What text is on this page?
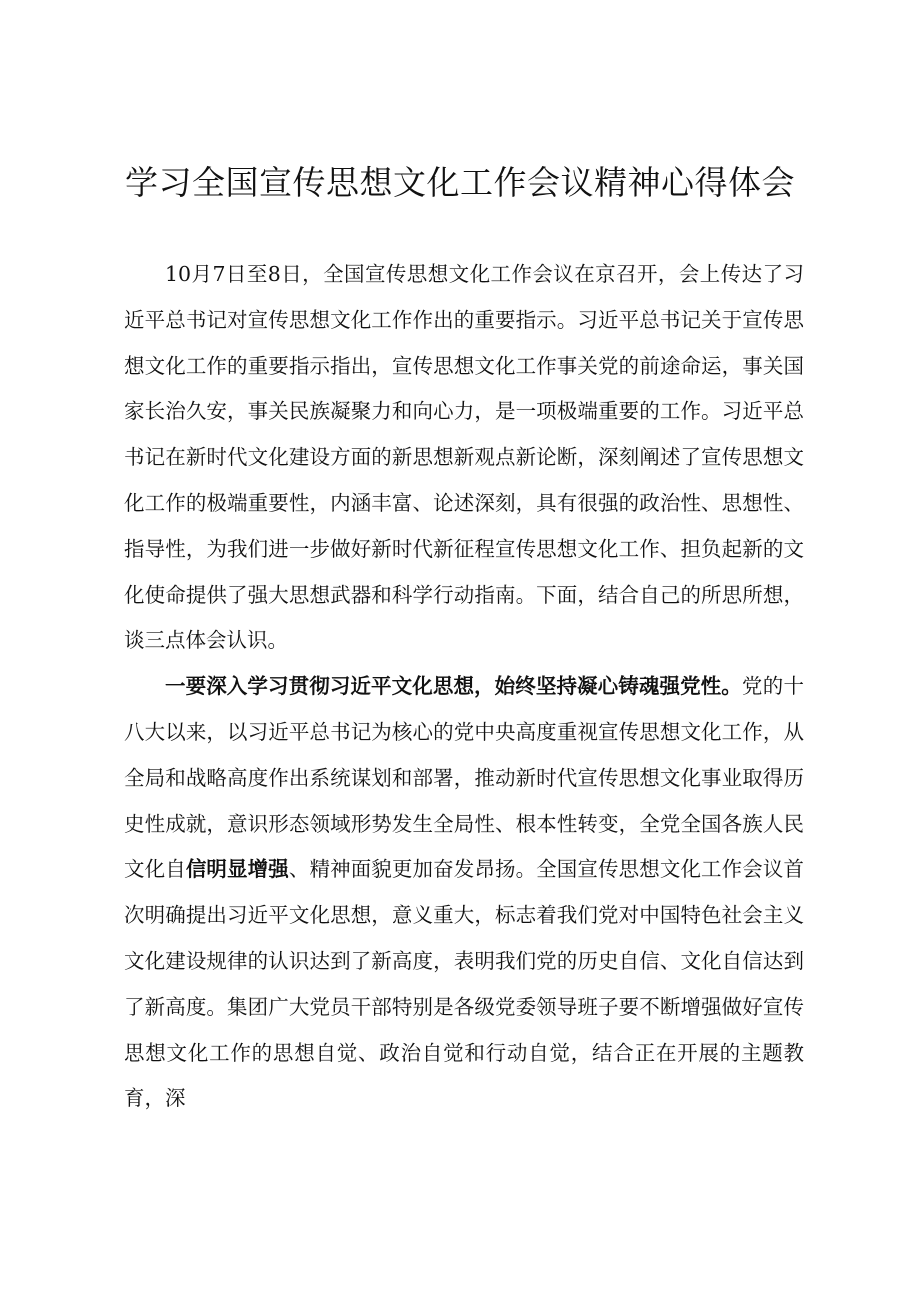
学习全国宣传思想文化工作会议精神心得体会

10月7日至8日，全国宣传思想文化工作会议在京召开，会上传达了习近平总书记对宣传思想文化工作作出的重要指示。习近平总书记关于宣传思想文化工作的重要指示指出，宣传思想文化工作事关党的前途命运，事关国家长治久安，事关民族凝聚力和向心力，是一项极端重要的工作。习近平总书记在新时代文化建设方面的新思想新观点新论断，深刻阐述了宣传思想文化工作的极端重要性，内涵丰富、论述深刻，具有很强的政治性、思想性、指导性，为我们进一步做好新时代新征程宣传思想文化工作、担负起新的文化使命提供了强大思想武器和科学行动指南。下面，结合自己的所思所想，谈三点体会认识。

一要深入学习贯彻习近平文化思想，始终坚持凝心铸魂强党性。党的十八大以来，以习近平总书记为核心的党中央高度重视宣传思想文化工作，从全局和战略高度作出系统谋划和部署，推动新时代宣传思想文化事业取得历史性成就，意识形态领域形势发生全局性、根本性转变，全党全国各族人民文化自信明显增强、精神面貌更加奋发昂扬。全国宣传思想文化工作会议首次明确提出习近平文化思想，意义重大，标志着我们党对中国特色社会主义文化建设规律的认识达到了新高度，表明我们党的历史自信、文化自信达到了新高度。集团广大党员干部特别是各级党委领导班子要不断增强做好宣传思想文化工作的思想自觉、政治自觉和行动自觉，结合正在开展的主题教育，深
